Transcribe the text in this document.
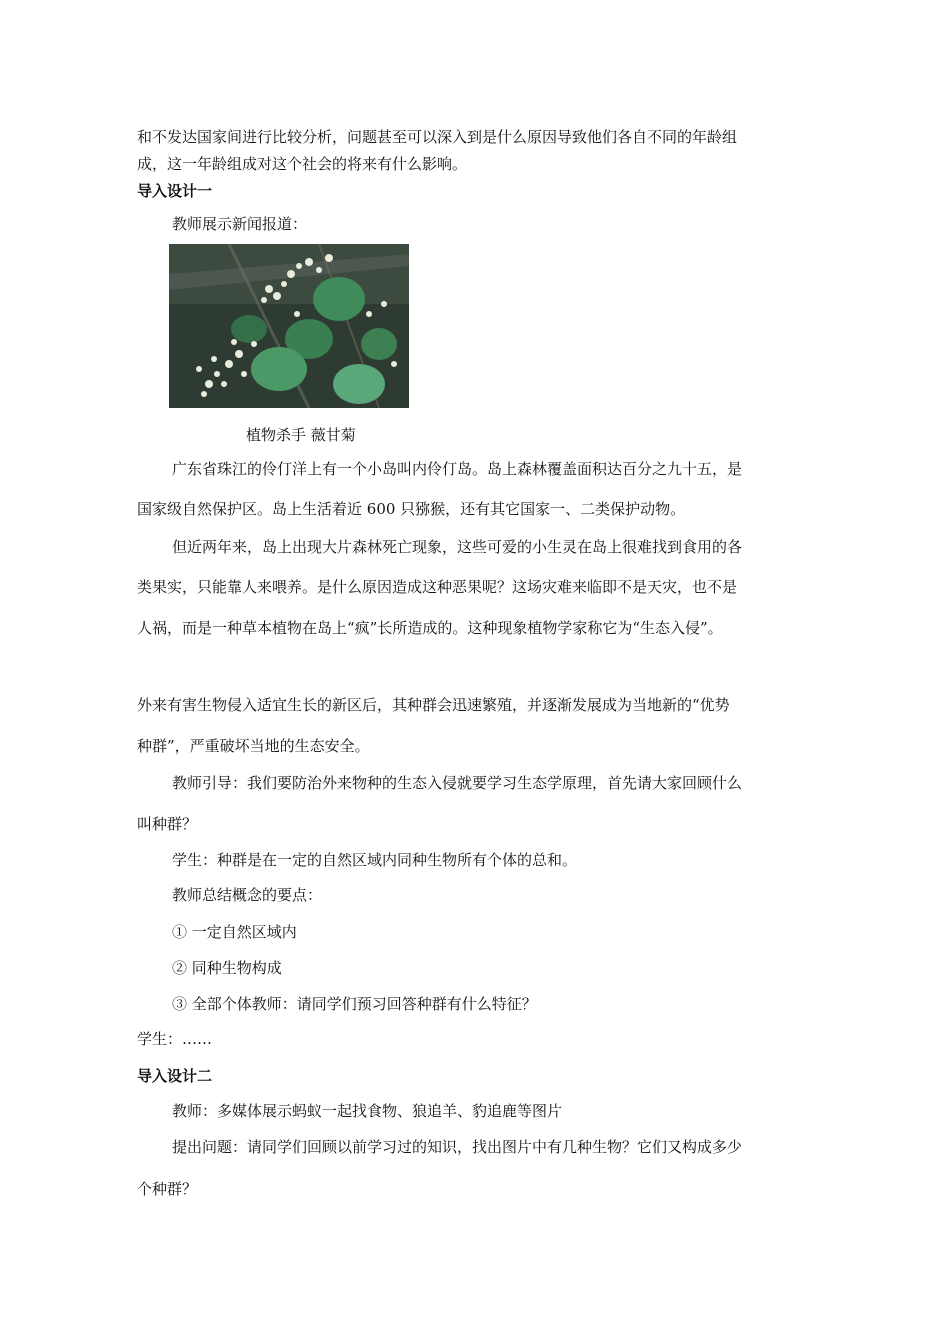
和不发达国家间进行比较分析，问题甚至可以深入到是什么原因导致他们各自不同的年龄组
成，这一年龄组成对这个社会的将来有什么影响。
导入设计一
教师展示新闻报道：
植物杀手 薇甘菊
广东省珠江的伶仃洋上有一个小岛叫内伶仃岛。岛上森林覆盖面积达百分之九十五，是
国家级自然保护区。岛上生活着近 600 只猕猴，还有其它国家一、二类保护动物。
但近两年来，岛上出现大片森林死亡现象，这些可爱的小生灵在岛上很难找到食用的各
类果实，只能靠人来喂养。是什么原因造成这种恶果呢？这场灾难来临即不是天灾，也不是
人祸，而是一种草本植物在岛上“疯”长所造成的。这种现象植物学家称它为“生态入侵”。
外来有害生物侵入适宜生长的新区后，其种群会迅速繁殖，并逐渐发展成为当地新的“优势
种群”，严重破坏当地的生态安全。
教师引导：我们要防治外来物种的生态入侵就要学习生态学原理，首先请大家回顾什么
叫种群？
学生：种群是在一定的自然区域内同种生物所有个体的总和。
教师总结概念的要点：
① 一定自然区域内
② 同种生物构成
③ 全部个体教师：请同学们预习回答种群有什么特征？
学生：……
导入设计二
教师：多媒体展示蚂蚁一起找食物、狼追羊、豹追鹿等图片
提出问题：请同学们回顾以前学习过的知识，找出图片中有几种生物？它们又构成多少
个种群？
